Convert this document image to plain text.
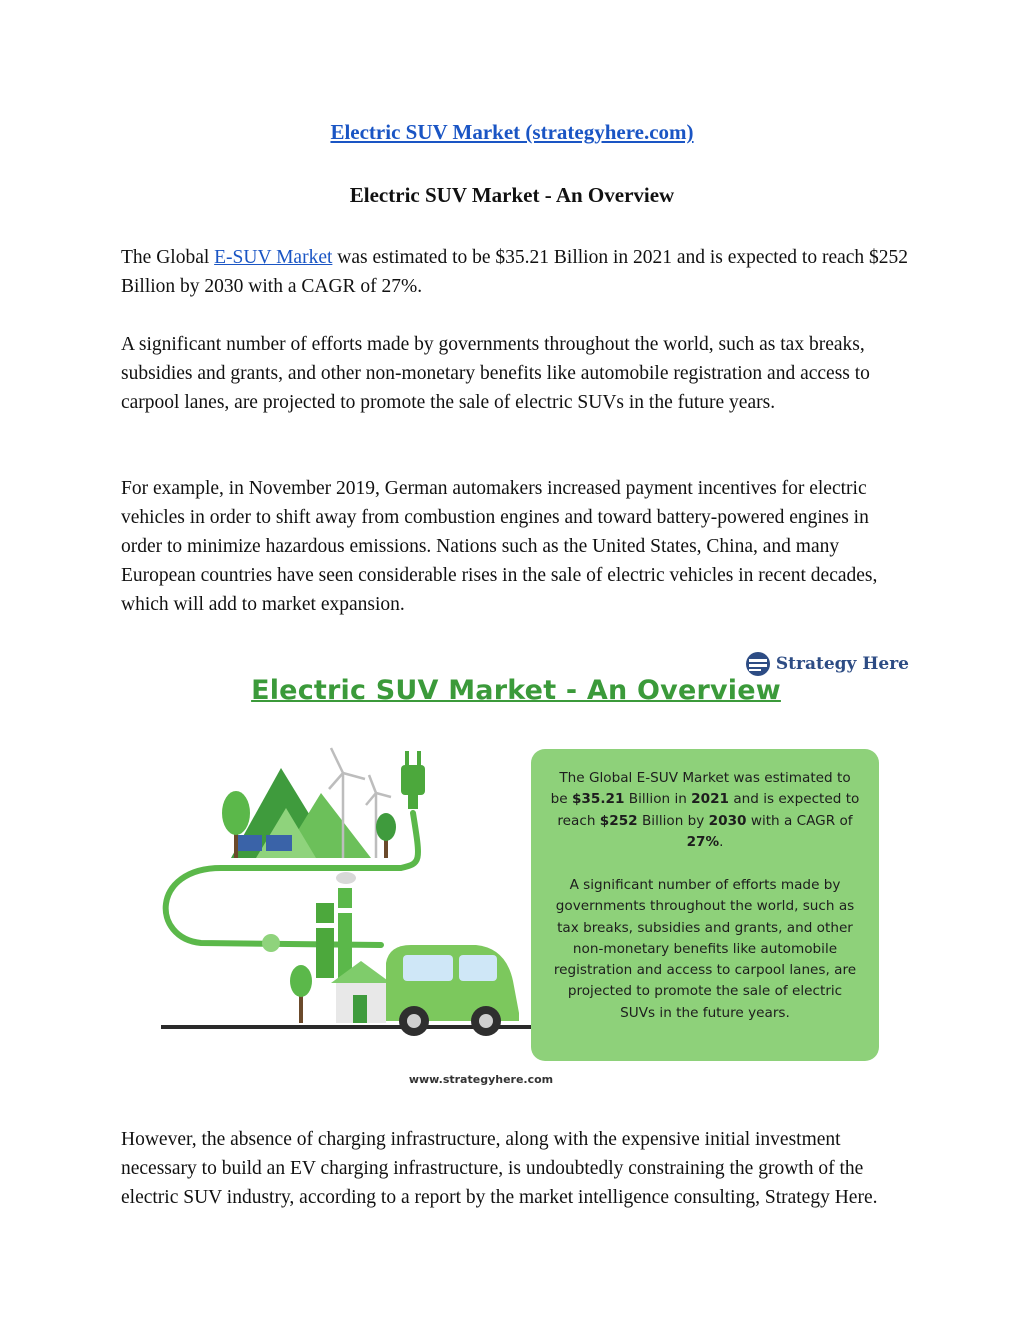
Electric SUV Market (strategyhere.com)
Electric SUV Market - An Overview

The Global E-SUV Market was estimated to be $35.21 Billion in 2021 and is expected to reach $252 Billion by 2030 with a CAGR of 27%.

A significant number of efforts made by governments throughout the world, such as tax breaks, subsidies and grants, and other non-monetary benefits like automobile registration and access to carpool lanes, are projected to promote the sale of electric SUVs in the future years.

For example, in November 2019, German automakers increased payment incentives for electric vehicles in order to shift away from combustion engines and toward battery-powered engines in order to minimize hazardous emissions. Nations such as the United States, China, and many European countries have seen considerable rises in the sale of electric vehicles in recent decades, which will add to market expansion.

Strategy Here
Electric SUV Market - An Overview
The Global E-SUV Market was estimated to be $35.21 Billion in 2021 and is expected to reach $252 Billion by 2030 with a CAGR of 27%.
A significant number of efforts made by governments throughout the world, such as tax breaks, subsidies and grants, and other non-monetary benefits like automobile registration and access to carpool lanes, are projected to promote the sale of electric SUVs in the future years.
www.strategyhere.com

However, the absence of charging infrastructure, along with the expensive initial investment necessary to build an EV charging infrastructure, is undoubtedly constraining the growth of the electric SUV industry, according to a report by the market intelligence consulting, Strategy Here.
